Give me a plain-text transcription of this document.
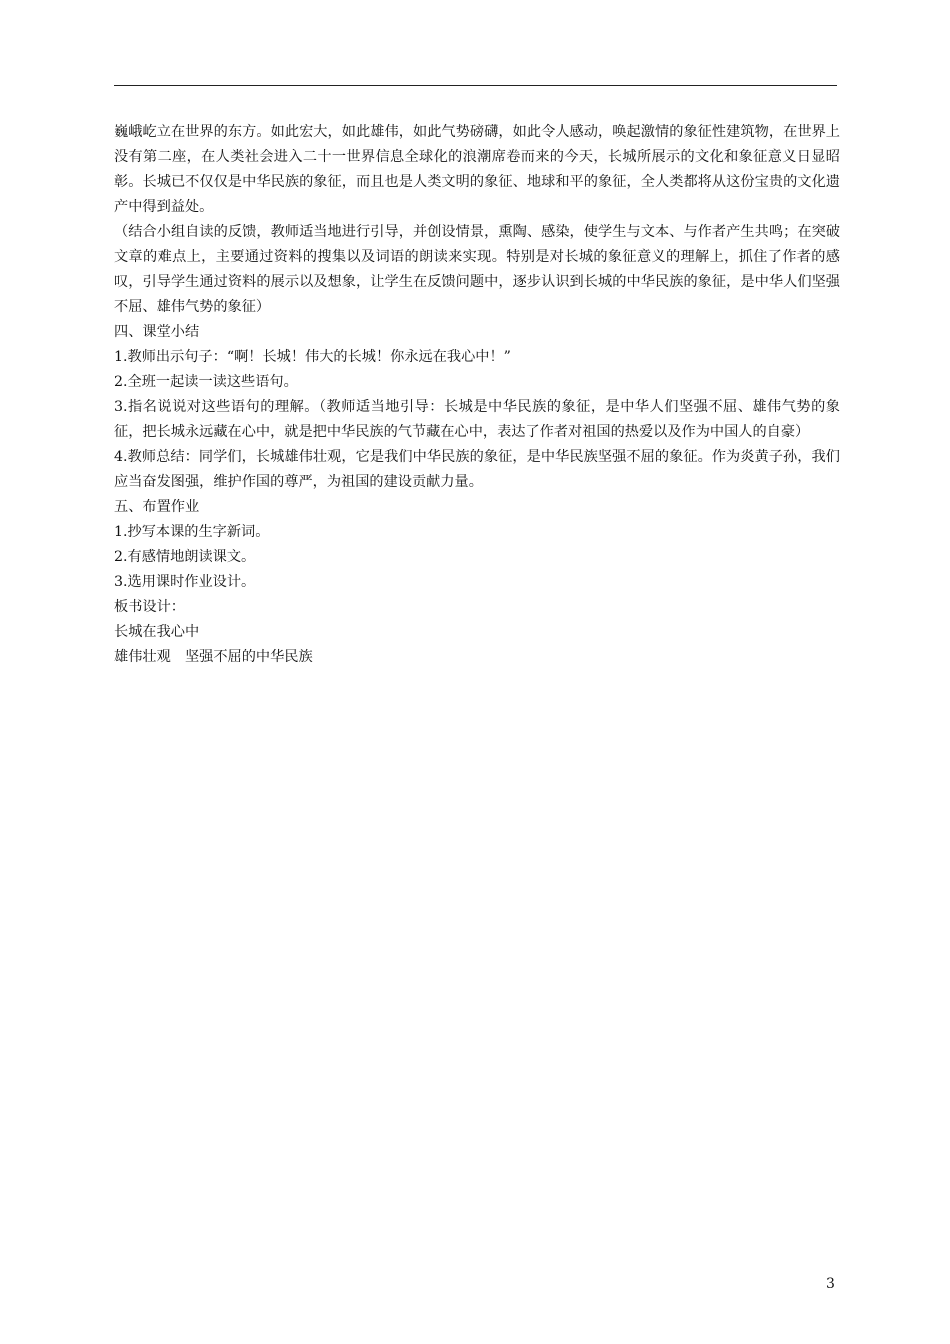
巍峨屹立在世界的东方。如此宏大，如此雄伟，如此气势磅礴，如此令人感动，唤起激情的象征性建筑物，在世界上没有第二座，在人类社会进入二十一世界信息全球化的浪潮席卷而来的今天，长城所展示的文化和象征意义日显昭彰。长城已不仅仅是中华民族的象征，而且也是人类文明的象征、地球和平的象征，全人类都将从这份宝贵的文化遗产中得到益处。

（结合小组自读的反馈，教师适当地进行引导，并创设情景，熏陶、感染，使学生与文本、与作者产生共鸣；在突破文章的难点上，主要通过资料的搜集以及词语的朗读来实现。特别是对长城的象征意义的理解上，抓住了作者的感叹，引导学生通过资料的展示以及想象，让学生在反馈问题中，逐步认识到长城的中华民族的象征，是中华人们坚强不屈、雄伟气势的象征）

四、课堂小结

1.教师出示句子：“啊！长城！伟大的长城！你永远在我心中！”

2.全班一起读一读这些语句。

3.指名说说对这些语句的理解。（教师适当地引导：长城是中华民族的象征，是中华人们坚强不屈、雄伟气势的象征，把长城永远藏在心中，就是把中华民族的气节藏在心中，表达了作者对祖国的热爱以及作为中国人的自豪）

4.教师总结：同学们，长城雄伟壮观，它是我们中华民族的象征，是中华民族坚强不屈的象征。作为炎黄子孙，我们应当奋发图强，维护作国的尊严，为祖国的建设贡献力量。

五、布置作业

1.抄写本课的生字新词。

2.有感情地朗读课文。

3.选用课时作业设计。

板书设计：

长城在我心中

雄伟壮观　坚强不屈的中华民族

3
